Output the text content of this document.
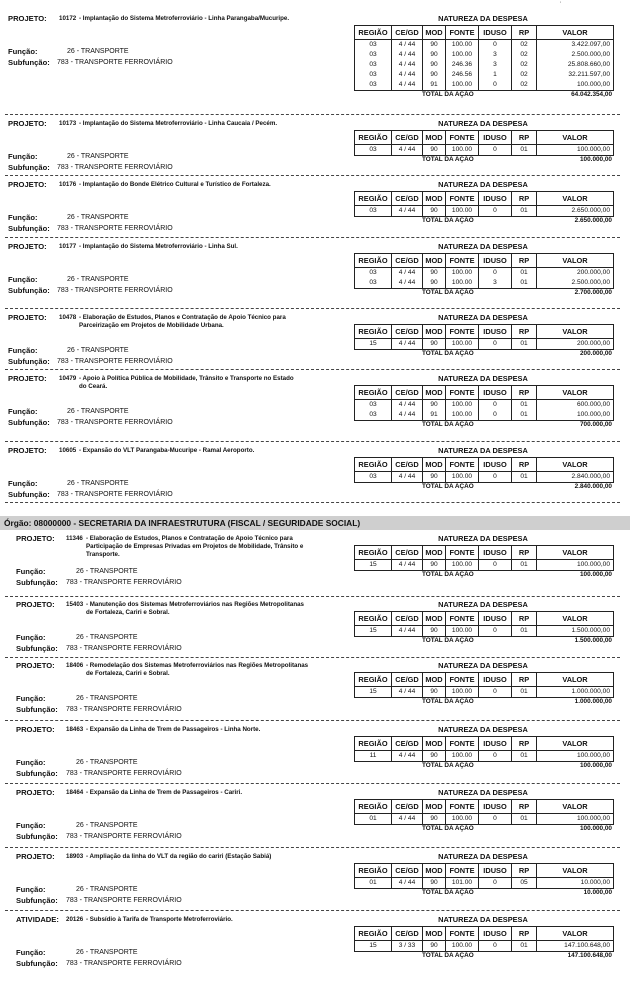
'
Órgão: 08000000 - SECRETARIA DA INFRAESTRUTURA (FISCAL / SEGURIDADE SOCIAL)
PROJETO: 10172 - Implantação do Sistema Metroferroviário - Linha Parangaba/Mucuripe.
Função:	26 - TRANSPORTE
Subfunção: 783 - TRANSPORTE FERROVIÁRIO
NATUREZA DA DESPESA
REGIÃO	CE/GD	MOD	FONTE	IDUSO	RP	VALOR
03	4 / 44	90	100.00	0	02	3.422.097,00
03	4 / 44	90	100.00	3	02	2.500.000,00
03	4 / 44	90	246.36	3	02	25.808.660,00
03	4 / 44	90	246.56	1	02	32.211.597,00
03	4 / 44	91	100.00	0	02	100.000,00
TOTAL DA AÇÃO	64.042.354,00
PROJETO: 10173 - Implantação do Sistema Metroferroviário - Linha Caucaia / Pecém.
Função:	26 - TRANSPORTE
Subfunção: 783 - TRANSPORTE FERROVIÁRIO
NATUREZA DA DESPESA
REGIÃO	CE/GD	MOD	FONTE	IDUSO	RP	VALOR
03	4 / 44	90	100.00	0	01	100.000,00
TOTAL DA AÇÃO	100.000,00
PROJETO: 10176 - Implantação do Bonde Elétrico Cultural e Turístico de Fortaleza.
Função:	26 - TRANSPORTE
Subfunção: 783 - TRANSPORTE FERROVIÁRIO
NATUREZA DA DESPESA
REGIÃO	CE/GD	MOD	FONTE	IDUSO	RP	VALOR
03	4 / 44	90	100.00	0	01	2.650.000,00
TOTAL DA AÇÃO	2.650.000,00
PROJETO: 10177 - Implantação do Sistema Metroferroviário - Linha Sul.
Função:	26 - TRANSPORTE
Subfunção: 783 - TRANSPORTE FERROVIÁRIO
NATUREZA DA DESPESA
REGIÃO	CE/GD	MOD	FONTE	IDUSO	RP	VALOR
03	4 / 44	90	100.00	0	01	200.000,00
03	4 / 44	90	100.00	3	01	2.500.000,00
TOTAL DA AÇÃO	2.700.000,00
PROJETO: 10478 - Elaboração de Estudos, Planos e Contratação de Apoio Técnico para
Parceirização em Projetos de Mobilidade Urbana.
Função:	26 - TRANSPORTE
Subfunção: 783 - TRANSPORTE FERROVIÁRIO
NATUREZA DA DESPESA
REGIÃO	CE/GD	MOD	FONTE	IDUSO	RP	VALOR
15	4 / 44	90	100.00	0	01	200.000,00
TOTAL DA AÇÃO	200.000,00
PROJETO: 10479 - Apoio à Política Pública de Mobilidade, Trânsito e Transporte no Estado
do Ceará.
Função:	26 - TRANSPORTE
Subfunção: 783 - TRANSPORTE FERROVIÁRIO
NATUREZA DA DESPESA
REGIÃO	CE/GD	MOD	FONTE	IDUSO	RP	VALOR
03	4 / 44	90	100.00	0	01	600.000,00
03	4 / 44	91	100.00	0	01	100.000,00
TOTAL DA AÇÃO	700.000,00
PROJETO: 10605 - Expansão do VLT Parangaba-Mucuripe - Ramal Aeroporto.
Função:	26 - TRANSPORTE
Subfunção: 783 - TRANSPORTE FERROVIÁRIO
NATUREZA DA DESPESA
REGIÃO	CE/GD	MOD	FONTE	IDUSO	RP	VALOR
03	4 / 44	90	100.00	0	01	2.840.000,00
TOTAL DA AÇÃO	2.840.000,00
PROJETO: 11346 - Elaboração de Estudos, Planos e Contratação de Apoio Técnico para
Participação de Empresas Privadas em Projetos de Mobilidade, Trânsito e
Transporte.
Função:	26 - TRANSPORTE
Subfunção: 783 - TRANSPORTE FERROVIÁRIO
NATUREZA DA DESPESA
REGIÃO	CE/GD	MOD	FONTE	IDUSO	RP	VALOR
15	4 / 44	90	100.00	0	01	100.000,00
TOTAL DA AÇÃO	100.000,00
PROJETO: 15403 - Manutenção dos Sistemas Metroferroviários nas Regiões Metropolitanas
de Fortaleza, Cariri e Sobral.
Função:	26 - TRANSPORTE
Subfunção: 783 - TRANSPORTE FERROVIÁRIO
NATUREZA DA DESPESA
REGIÃO	CE/GD	MOD	FONTE	IDUSO	RP	VALOR
15	4 / 44	90	100.00	0	01	1.500.000,00
TOTAL DA AÇÃO	1.500.000,00
PROJETO: 18406 - Remodelação dos Sistemas Metroferroviários nas Regiões Metropolitanas
de Fortaleza, Cariri e Sobral.
Função:	26 - TRANSPORTE
Subfunção: 783 - TRANSPORTE FERROVIÁRIO
NATUREZA DA DESPESA
REGIÃO	CE/GD	MOD	FONTE	IDUSO	RP	VALOR
15	4 / 44	90	100.00	0	01	1.000.000,00
TOTAL DA AÇÃO	1.000.000,00
PROJETO: 18463 - Expansão da Linha de Trem de Passageiros - Linha Norte.
Função:	26 - TRANSPORTE
Subfunção: 783 - TRANSPORTE FERROVIÁRIO
NATUREZA DA DESPESA
REGIÃO	CE/GD	MOD	FONTE	IDUSO	RP	VALOR
11	4 / 44	90	100.00	0	01	100.000,00
TOTAL DA AÇÃO	100.000,00
PROJETO: 18464 - Expansão da Linha de Trem de Passageiros - Cariri.
Função:	26 - TRANSPORTE
Subfunção: 783 - TRANSPORTE FERROVIÁRIO
NATUREZA DA DESPESA
REGIÃO	CE/GD	MOD	FONTE	IDUSO	RP	VALOR
01	4 / 44	90	100.00	0	01	100.000,00
TOTAL DA AÇÃO	100.000,00
PROJETO: 18903 - Ampliação da linha do VLT da região do cariri (Estação Sabiá)
Função:	26 - TRANSPORTE
Subfunção: 783 - TRANSPORTE FERROVIÁRIO
NATUREZA DA DESPESA
REGIÃO	CE/GD	MOD	FONTE	IDUSO	RP	VALOR
01	4 / 44	90	101.00	0	05	10.000,00
TOTAL DA AÇÃO	10.000,00
ATIVIDADE: 20126 - Subsídio à Tarifa de Transporte Metroferroviário.
Função:	26 - TRANSPORTE
Subfunção: 783 - TRANSPORTE FERROVIÁRIO
NATUREZA DA DESPESA
REGIÃO	CE/GD	MOD	FONTE	IDUSO	RP	VALOR
15	3 / 33	90	100.00	0	01	147.100.648,00
TOTAL DA AÇÃO	147.100.648,00
